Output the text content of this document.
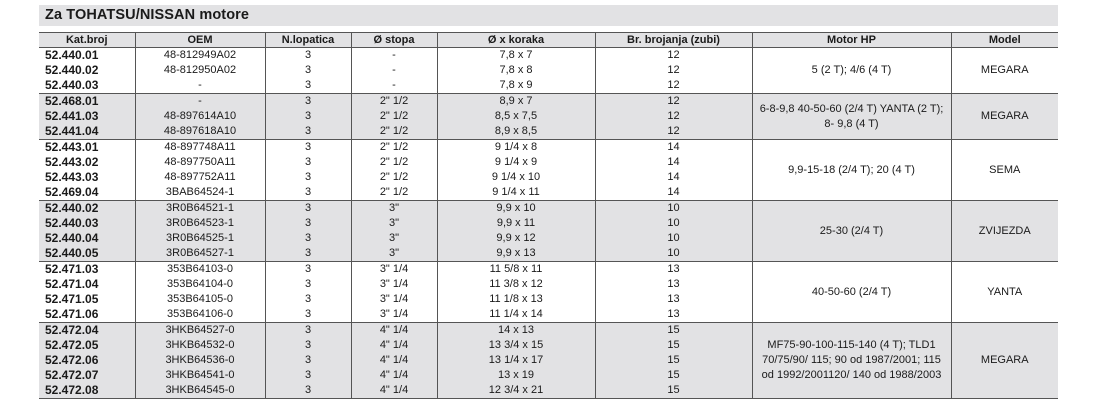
Za TOHATSU/NISSAN motore
Kat.broj	OEM	N.lopatica	Ø stopa	Ø x koraka	Br. brojanja (zubi)	Motor HP	Model
52.440.01	48-812949A02	3	-	7,8 x 7	12	5 (2 T); 4/6 (4 T)	MEGARA
52.440.02	48-812950A02	3	-	7,8 x 8	12		
52.440.03	-	3	-	7,8 x 9	12		
52.468.01	-	3	2" 1/2	8,9 x 7	12	6-8-9,8 40-50-60 (2/4 T) YANTA (2 T); 8- 9,8 (4 T)	MEGARA
52.441.03	48-897614A10	3	2" 1/2	8,5 x 7,5	12		
52.441.04	48-897618A10	3	2" 1/2	8,9 x 8,5	12		
52.443.01	48-897748A11	3	2" 1/2	9 1/4 x 8	14	9,9-15-18 (2/4 T); 20 (4 T)	SEMA
52.443.02	48-897750A11	3	2" 1/2	9 1/4 x 9	14		
52.443.03	48-897752A11	3	2" 1/2	9 1/4 x 10	14		
52.469.04	3BAB64524-1	3	2" 1/2	9 1/4 x 11	14		
52.440.02	3R0B64521-1	3	3"	9,9 x 10	10	25-30 (2/4 T)	ZVIJEZDA
52.440.03	3R0B64523-1	3	3"	9,9 x 11	10		
52.440.04	3R0B64525-1	3	3"	9,9 x 12	10		
52.440.05	3R0B64527-1	3	3"	9,9 x 13	10		
52.471.03	353B64103-0	3	3" 1/4	11 5/8 x 11	13	40-50-60 (2/4 T)	YANTA
52.471.04	353B64104-0	3	3" 1/4	11 3/8 x 12	13		
52.471.05	353B64105-0	3	3" 1/4	11 1/8 x 13	13		
52.471.06	353B64106-0	3	3" 1/4	11 1/4 x 14	13		
52.472.04	3HKB64527-0	3	4" 1/4	14 x 13	15	MF75-90-100-115-140 (4 T); TLD1 70/75/90/ 115; 90 od 1987/2001; 115 od 1992/2001120/ 140 od 1988/2003	MEGARA
52.472.05	3HKB64532-0	3	4" 1/4	13 3/4 x 15	15		
52.472.06	3HKB64536-0	3	4" 1/4	13 1/4 x 17	15		
52.472.07	3HKB64541-0	3	4" 1/4	13 x 19	15		
52.472.08	3HKB64545-0	3	4" 1/4	12 3/4 x 21	15		
